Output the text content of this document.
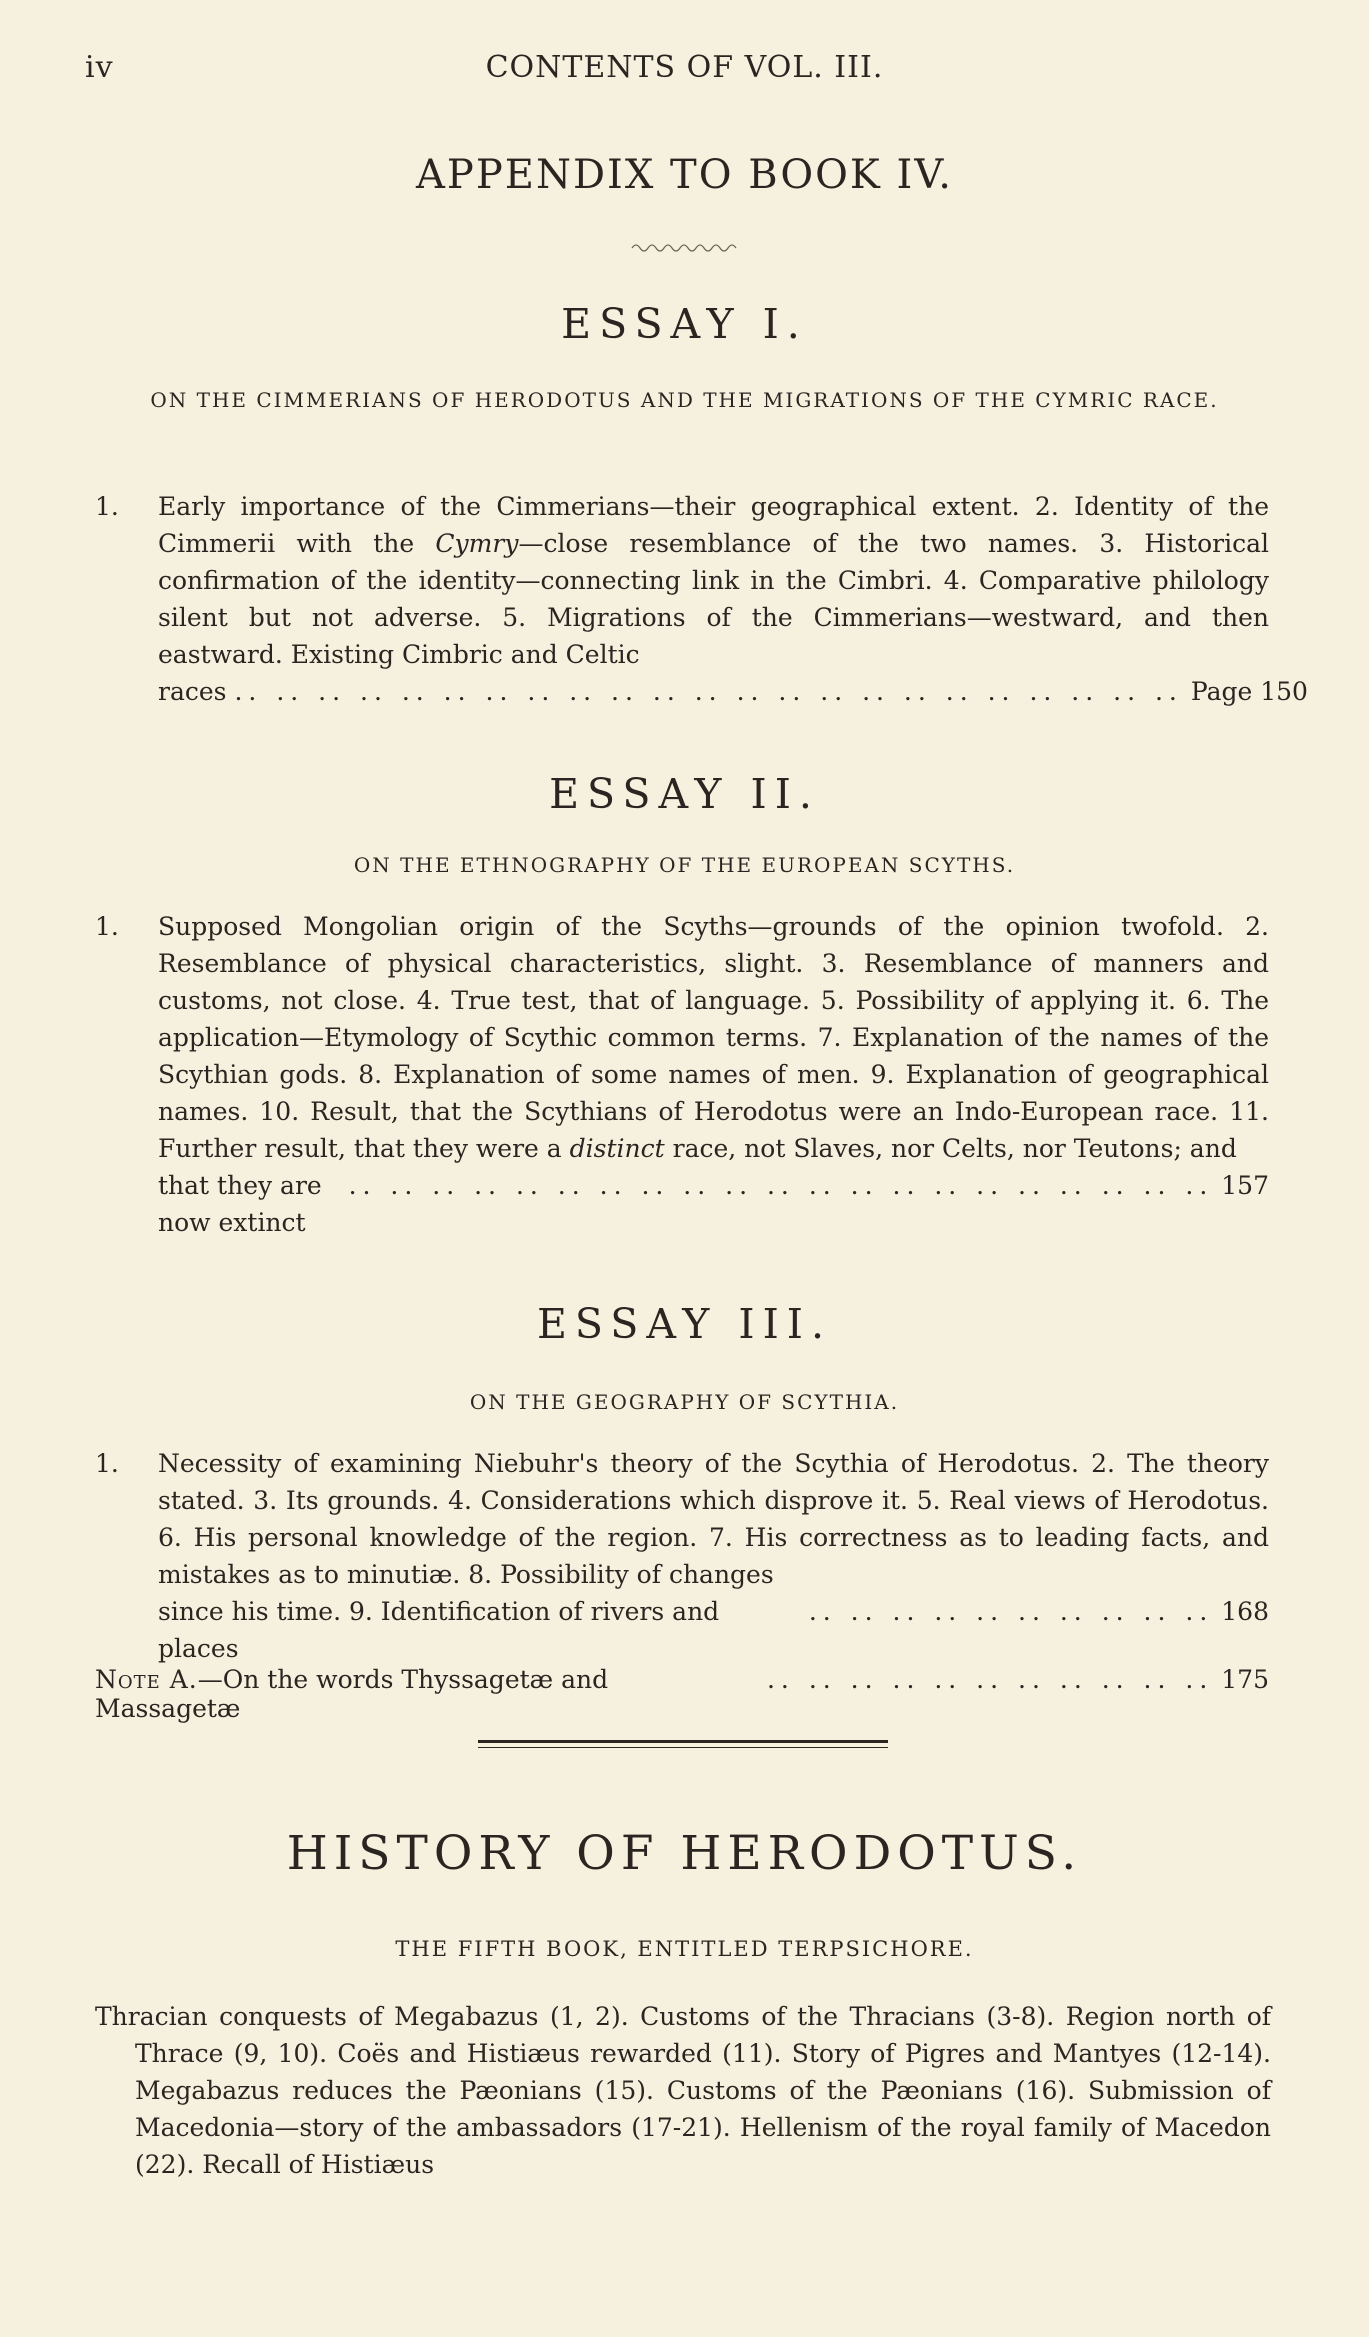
iv	CONTENTS OF VOL. III.
APPENDIX TO BOOK IV.
ESSAY I.
ON THE CIMMERIANS OF HERODOTUS AND THE MIGRATIONS OF THE CYMRIC RACE.
1. Early importance of the Cimmerians—their geographical extent. 2. Identity of the Cimmerii with the Cymry—close resemblance of the two names. 3. Historical confirmation of the identity—connecting link in the Cimbri. 4. Comparative philology silent but not adverse. 5. Migrations of the Cimmerians—westward, and then eastward. Existing Cimbric and Celtic

races .. .. .. .. .. .. .. .. .. .. .. .. .. .. .. .. .. .. .. .. .. .. .. Page 150
ESSAY II.
ON THE ETHNOGRAPHY OF THE EUROPEAN SCYTHS.
1. Supposed Mongolian origin of the Scyths—grounds of the opinion twofold. 2. Resemblance of physical characteristics, slight. 3. Resemblance of manners and customs, not close. 4. True test, that of language. 5. Possibility of applying it. 6. The application—Etymology of Scythic common terms. 7. Explanation of the names of the Scythian gods. 8. Explanation of some names of men. 9. Explanation of geographical names. 10. Result, that the Scythians of Herodotus were an Indo-European race. 11. Further result, that they were a distinct race, not Slaves, nor Celts, nor Teutons; and

that they are now extinct
.. .. .. .. .. .. .. .. .. .. .. .. .. .. .. .. .. .. .. .. .. 157
ESSAY III.
ON THE GEOGRAPHY OF SCYTHIA.
1. Necessity of examining Niebuhr's theory of the Scythia of Herodotus. 2. The theory stated. 3. Its grounds. 4. Considerations which disprove it. 5. Real views of Herodotus. 6. His personal knowledge of the region. 7. His correctness as to leading facts, and mistakes as to minutiæ. 8. Possibility of changes

since his time. 9. Identification of rivers and places
.. .. .. .. .. .. .. .. .. .. 168
Note A.—On the words Thyssagetæ and Massagetæ
.. .. .. .. .. .. .. .. .. .. .. 175
HISTORY OF HERODOTUS.
THE FIFTH BOOK, ENTITLED TERPSICHORE.

Thracian conquests of Megabazus (1, 2). Customs of the Thracians (3-8). Region north of Thrace (9, 10). Coës and Histiæus rewarded (11). Story of Pigres and Mantyes (12-14). Megabazus reduces the Pæonians (15). Customs of the Pæonians (16). Submission of Macedonia—story of the ambassadors (17-21). Hellenism of the royal family of Macedon (22). Recall of Histiæus
